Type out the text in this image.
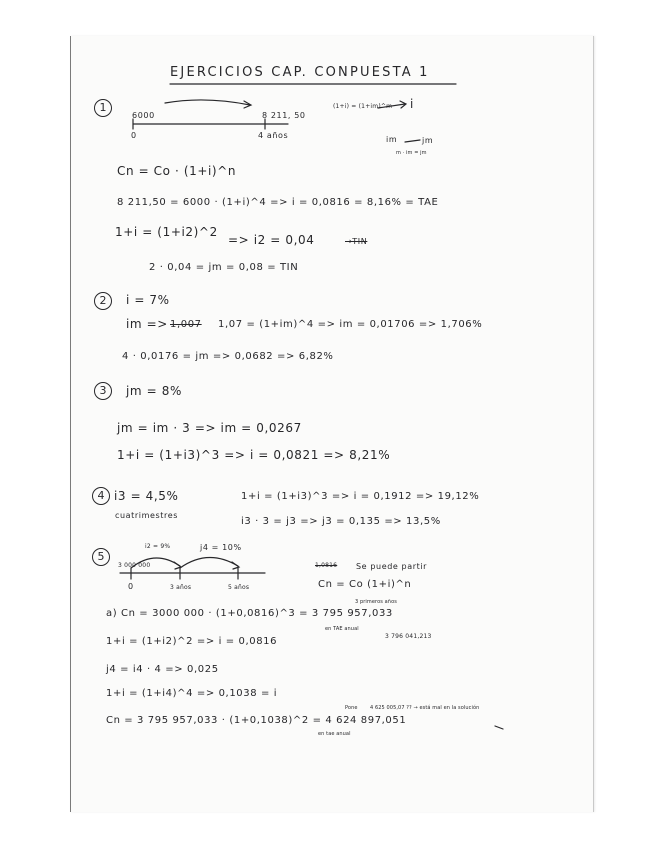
EJERCICIOS CAP. CONPUESTA 1
1
6000	8 211, 50
0	4 años
(1+i) = (1+im)^m i
im	jm
m · im = jm
Cn = Co · (1+i)^n
8 211,50 = 6000 · (1+i)^4 => i = 0,0816 = 8,16% = TAE
1+i = (1+i2)^2
=> i2 = 0,04	→TIN
2 · 0,04 = jm = 0,08 = TIN
2	i = 7%
im => 1,007 1,07 = (1+im)^4 => im = 0,01706 => 1,706%
4 · 0,0176 = jm => 0,0682 => 6,82%
3	jm = 8%
jm = im · 3 => im = 0,0267
1+i = (1+i3)^3 => i = 0,0821 => 8,21%
4 i3 = 4,5%
cuatrimestres
1+i = (1+i3)^3 => i = 0,1912 => 19,12%
i3 · 3 = j3 => j3 = 0,135 => 13,5%
5
i2 = 9%	j4 = 10%
3 000 000
0	3 años	5 años
1,0816 Se puede partir
Cn = Co (1+i)^n
3 primeros años
a) Cn = 3000 000 · (1+0,0816)^3 = 3 795 957,033
en TAE anual
3 796 041,213
1+i = (1+i2)^2 => i = 0,0816
j4 = i4 · 4 => 0,025
1+i = (1+i4)^4 => 0,1038 = i
Pone 4 625 005,07 ?? → está mal en la solución
Cn = 3 795 957,033 · (1+0,1038)^2 = 4 624 897,051
en tae anual
